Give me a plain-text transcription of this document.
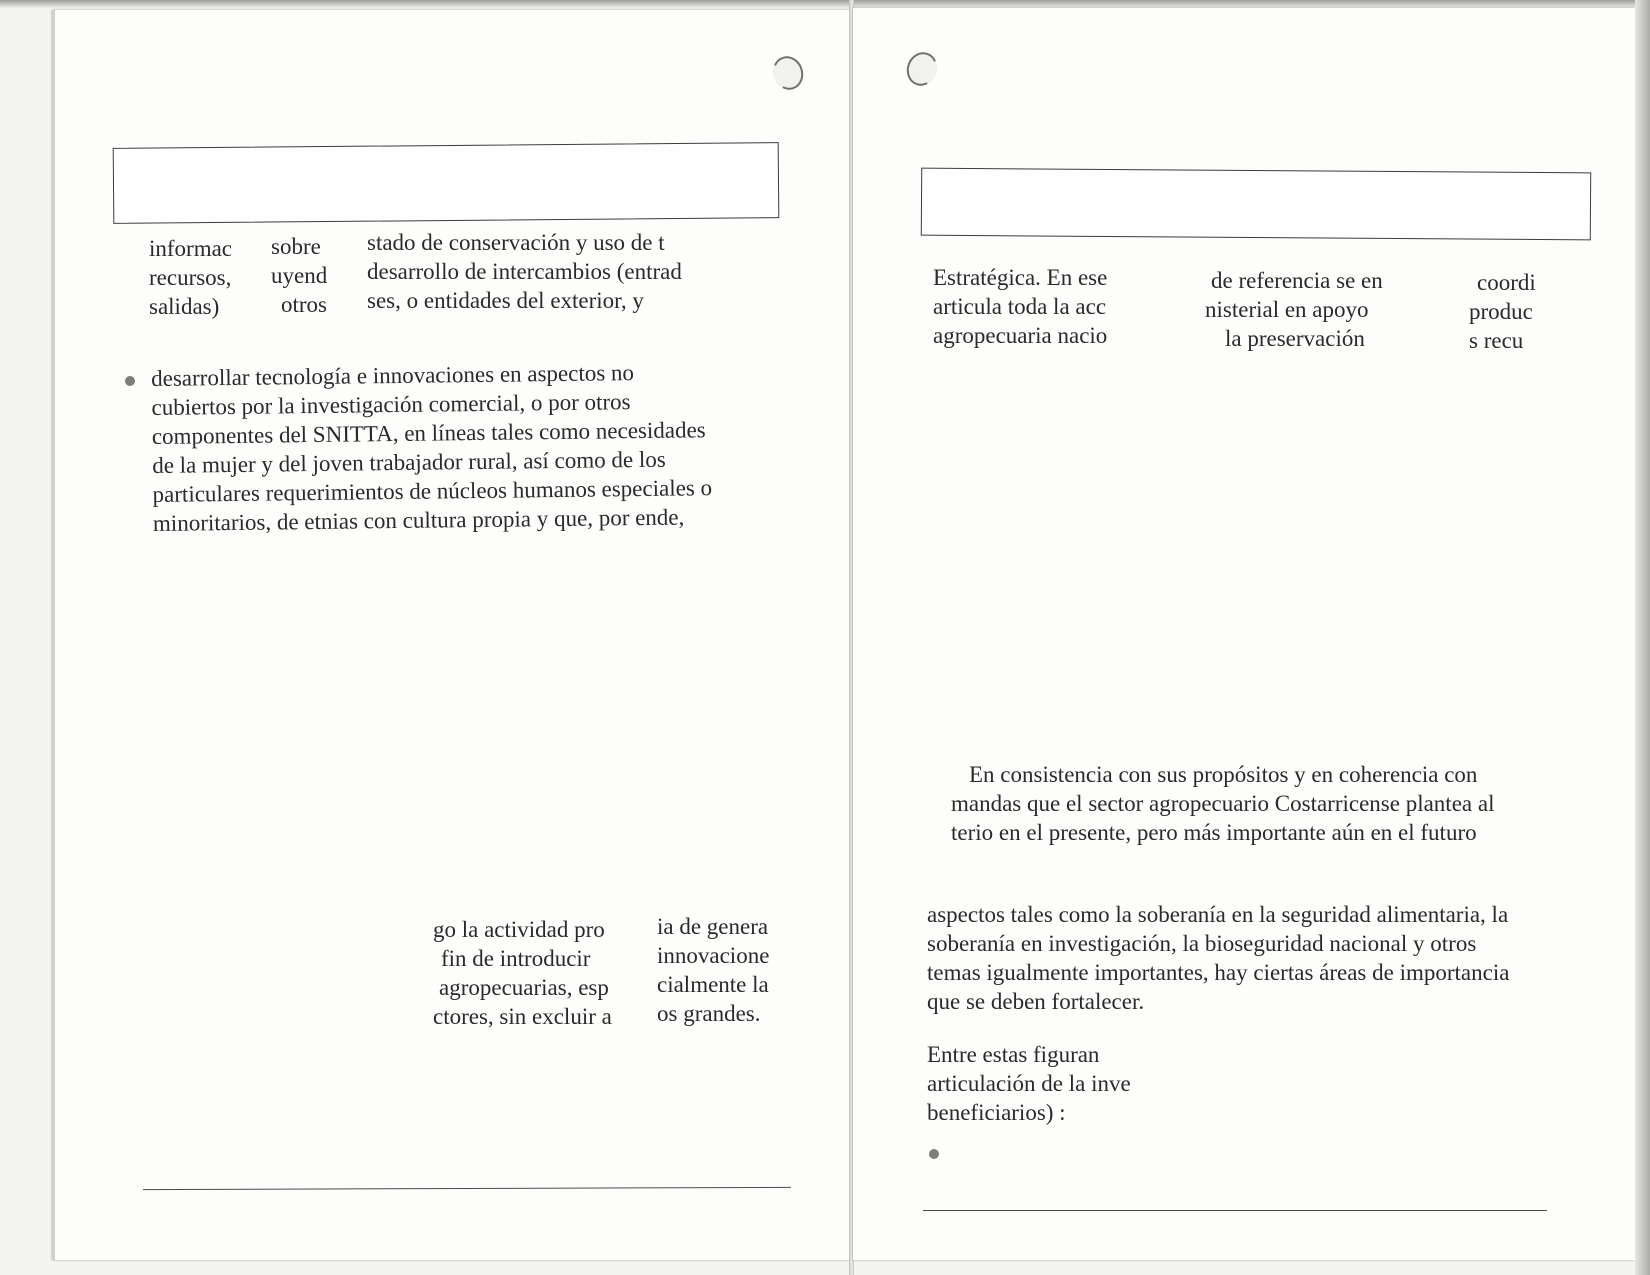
informac
recursos,
salidas)
sobre
uyend
otros
stado de conservación y uso de t
desarrollo de intercambios (entrad
ses, o entidades del exterior, y
desarrollar tecnología e innovaciones en aspectos no
cubiertos por la investigación comercial, o por otros
componentes del SNITTA, en líneas tales como necesidades
de la mujer y del joven trabajador rural, así como de los
particulares requerimientos de núcleos humanos especiales o
minoritarios, de etnias con cultura propia y que, por ende,
go la actividad pro
fin de introducir
agropecuarias, esp
ctores, sin excluir a
ia de genera
innovacione
cialmente la
os grandes.
Estratégica. En ese
articula toda la acc
agropecuaria nacio
de referencia se en
nisterial en apoyo
la preservación
coordi
produc
s recu
En consistencia con sus propósitos y en coherencia con
mandas que el sector agropecuario Costarricense plantea al
terio en el presente, pero más importante aún en el futuro
aspectos tales como la soberanía en la seguridad alimentaria, la
soberanía en investigación, la bioseguridad nacional y otros
temas igualmente importantes, hay ciertas áreas de importancia
que se deben fortalecer.
Entre estas figuran
articulación de la inve
beneficiarios) :
